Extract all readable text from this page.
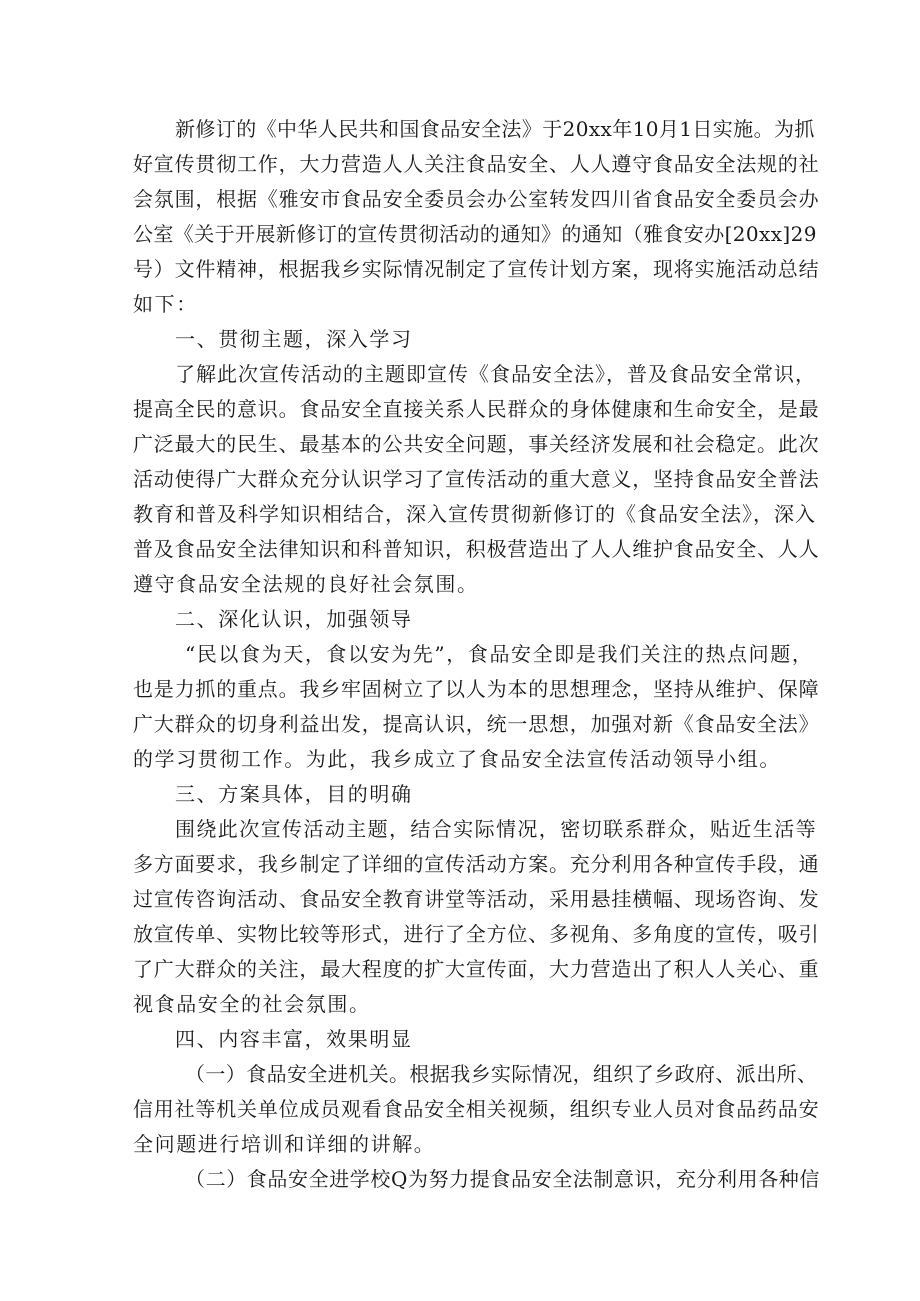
新修订的《中华人民共和国食品安全法》于20xx年10月1日实施。为抓
好宣传贯彻工作，大力营造人人关注食品安全、人人遵守食品安全法规的社
会氛围，根据《雅安市食品安全委员会办公室转发四川省食品安全委员会办
公室《关于开展新修订的宣传贯彻活动的通知》的通知（雅食安办[20xx]29
号）文件精神，根据我乡实际情况制定了宣传计划方案，现将实施活动总结
如下：
一、贯彻主题，深入学习
了解此次宣传活动的主题即宣传《食品安全法》，普及食品安全常识，
提高全民的意识。食品安全直接关系人民群众的身体健康和生命安全，是最
广泛最大的民生、最基本的公共安全问题，事关经济发展和社会稳定。此次
活动使得广大群众充分认识学习了宣传活动的重大意义，坚持食品安全普法
教育和普及科学知识相结合，深入宣传贯彻新修订的《食品安全法》，深入
普及食品安全法律知识和科普知识，积极营造出了人人维护食品安全、人人
遵守食品安全法规的良好社会氛围。
二、深化认识，加强领导
“民以食为天，食以安为先”，食品安全即是我们关注的热点问题，
也是力抓的重点。我乡牢固树立了以人为本的思想理念，坚持从维护、保障
广大群众的切身利益出发，提高认识，统一思想，加强对新《食品安全法》
的学习贯彻工作。为此，我乡成立了食品安全法宣传活动领导小组。
三、方案具体，目的明确
围绕此次宣传活动主题，结合实际情况，密切联系群众，贴近生活等
多方面要求，我乡制定了详细的宣传活动方案。充分利用各种宣传手段，通
过宣传咨询活动、食品安全教育讲堂等活动，采用悬挂横幅、现场咨询、发
放宣传单、实物比较等形式，进行了全方位、多视角、多角度的宣传，吸引
了广大群众的关注，最大程度的扩大宣传面，大力营造出了积人人关心、重
视食品安全的社会氛围。
四、内容丰富，效果明显
（一）食品安全进机关。根据我乡实际情况，组织了乡政府、派出所、
信用社等机关单位成员观看食品安全相关视频，组织专业人员对食品药品安
全问题进行培训和详细的讲解。
（二）食品安全进学校Q为努力提食品安全法制意识，充分利用各种信
